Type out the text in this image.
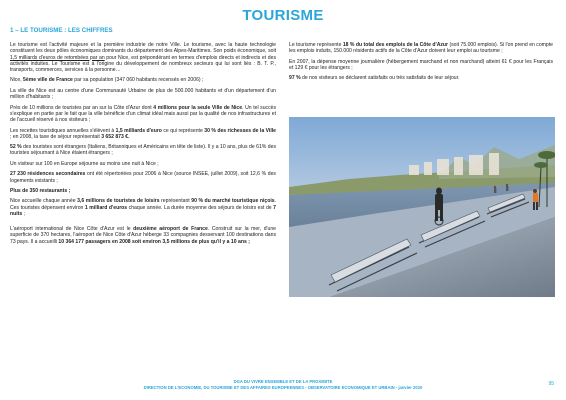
TOURISME
1 – LE TOURISME : LES CHIFFRES

Le tourisme est l'activité majeure et la première industrie de notre Ville. Le tourisme, avec la haute technologie constituent les deux pôles économiques dominants du département des Alpes-Maritimes. Son poids économique, soit 1,5 milliards d'euros de retombées par an pour Nice, est prépondérant en termes d'emplois directs et indirects et des activités induites. Le Tourisme est à l'origine du développement de nombreux secteurs qui lui sont liés : B. T. P., transports, commerces, services à la personne…

Nice, 5ème ville de France par sa population (347 060 habitants recensés en 2006) ;

La ville de Nice est au centre d'une Communauté Urbaine de plus de 500.000 habitants et d'un département d'un million d'habitants ;

Près de 10 millions de touristes par an sur la Côte d'Azur dont 4 millions pour la seule Ville de Nice. Un tel succès s'explique en partie par le fait que la ville bénéficie d'un climat idéal mais aussi par la qualité de nos infrastructures et de l'accueil réservé à nos visiteurs ;

Les recettes touristiques annuelles s'élèvent à 1,5 milliards d'euro ce qui représente 30 % des richesses de la Ville ; en 2008, la taxe de séjour représentait 3 652 873 €.

52 % des touristes sont étrangers (Italiens, Britanniques et Américains en tête de liste). Il y a 10 ans, plus de 61% des touristes séjournant à Nice étaient étrangers ;

Un visiteur sur 100 en Europe séjourne au moins une nuit à Nice ;

27 230 résidences secondaires ont été répertoriées pour 2006 à Nice (source INSEE, juillet 2009), soit 12,6 % des logements existants ;

Plus de 350 restaurants ;

Nice accueille chaque année 3,6 millions de touristes de loisirs représentant 90 % du marché touristique niçois. Ces touristes dépensent environ 1 milliard d'euros chaque année. La durée moyenne des séjours de loisirs est de 7 nuits ;

L'aéroport international de Nice Côte d'Azur est le deuxième aéroport de France. Construit sur la mer, d'une superficie de 370 hectares, l'aéroport de Nice Côte d'Azur héberge 33 compagnies desservant 100 destinations dans 73 pays. Il a accueilli 10 364 177 passagers en 2008 soit environ 3,5 millions de plus qu'il y a 10 ans ;

Le tourisme représente 18 % du total des emplois de la Côte d'Azur (soit 75.000 emplois). Si l'on prend en compte les emplois induits, 150.000 résidents actifs de la Côte d'Azur doivent leur emploi au tourisme ;

En 2007, la dépense moyenne journalière (hébergement marchand et non marchand) atteint 61 € pour les Français et 129 € pour les étrangers ;

97 % de nos visiteurs se déclarent satisfaits ou très satisfaits de leur séjour.

DGA DU VIVRE ENSEMBLE ET DE LA PROXIMITE
DIRECTION DE L'ECONOMIE, DU TOURISME ET DES AFFAIRES EUROPEENNES - OBSERVATOIRE ECONOMIQUE ET URBAIN - janvier 2010
95
